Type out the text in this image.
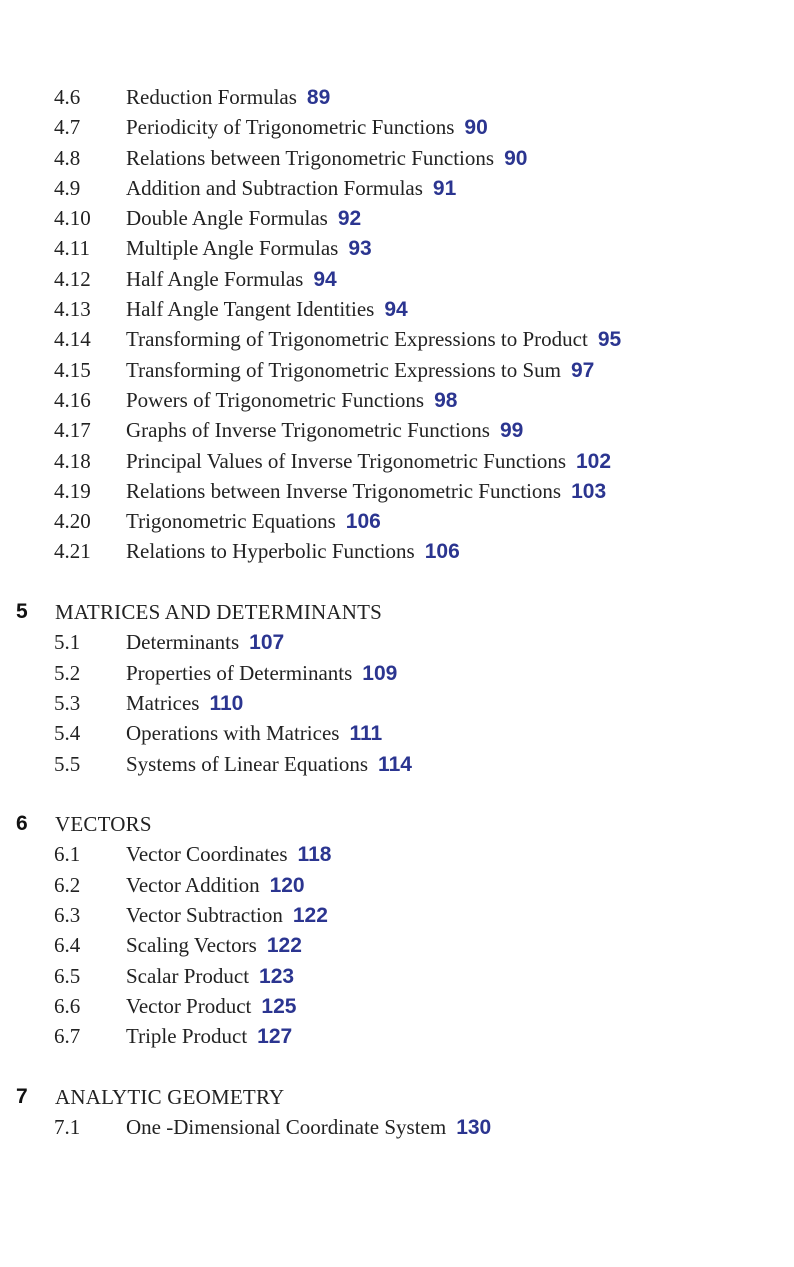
4.6 Reduction Formulas 89
4.7 Periodicity of Trigonometric Functions 90
4.8 Relations between Trigonometric Functions 90
4.9 Addition and Subtraction Formulas 91
4.10 Double Angle Formulas 92
4.11 Multiple Angle Formulas 93
4.12 Half Angle Formulas 94
4.13 Half Angle Tangent Identities 94
4.14 Transforming of Trigonometric Expressions to Product 95
4.15 Transforming of Trigonometric Expressions to Sum 97
4.16 Powers of Trigonometric Functions 98
4.17 Graphs of Inverse Trigonometric Functions 99
4.18 Principal Values of Inverse Trigonometric Functions 102
4.19 Relations between Inverse Trigonometric Functions 103
4.20 Trigonometric Equations 106
4.21 Relations to Hyperbolic Functions 106
5 MATRICES AND DETERMINANTS
5.1 Determinants 107
5.2 Properties of Determinants 109
5.3 Matrices 110
5.4 Operations with Matrices 111
5.5 Systems of Linear Equations 114
6 VECTORS
6.1 Vector Coordinates 118
6.2 Vector Addition 120
6.3 Vector Subtraction 122
6.4 Scaling Vectors 122
6.5 Scalar Product 123
6.6 Vector Product 125
6.7 Triple Product 127
7 ANALYTIC GEOMETRY
7.1 One -Dimensional Coordinate System 130
